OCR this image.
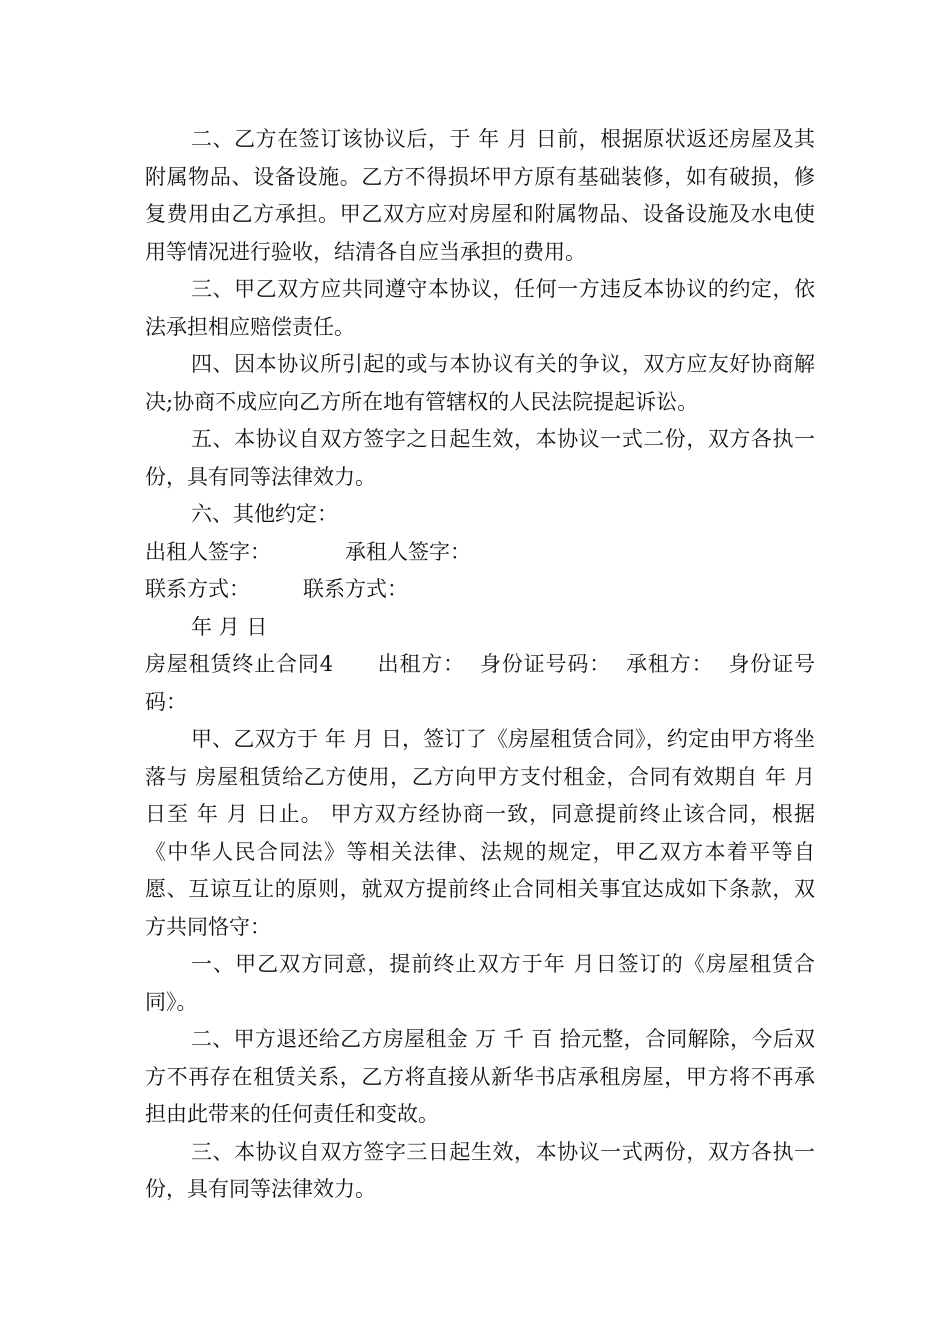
二、乙方在签订该协议后，于 年 月 日前，根据原状返还房屋及其附属物品、设备设施。乙方不得损坏甲方原有基础装修，如有破损，修复费用由乙方承担。甲乙双方应对房屋和附属物品、设备设施及水电使用等情况进行验收，结清各自应当承担的费用。

三、甲乙双方应共同遵守本协议，任何一方违反本协议的约定，依法承担相应赔偿责任。

四、因本协议所引起的或与本协议有关的争议，双方应友好协商解决;协商不成应向乙方所在地有管辖权的人民法院提起诉讼。

五、本协议自双方签字之日起生效，本协议一式二份，双方各执一份，具有同等法律效力。

六、其他约定：

出租人签字：	承租人签字：

联系方式：	联系方式：

年 月 日

房屋租赁终止合同4　　出租方：  身份证号码：  承租方：  身份证号码：

甲、乙双方于 年 月 日，签订了《房屋租赁合同》，约定由甲方将坐落与 房屋租赁给乙方使用，乙方向甲方支付租金，合同有效期自 年 月 日至 年 月 日止。 甲方双方经协商一致，同意提前终止该合同，根据《中华人民合同法》等相关法律、法规的规定，甲乙双方本着平等自愿、互谅互让的原则，就双方提前终止合同相关事宜达成如下条款，双方共同恪守：

一、甲乙双方同意，提前终止双方于年 月日签订的《房屋租赁合同》。

二、甲方退还给乙方房屋租金 万 千 百 拾元整，合同解除，今后双方不再存在租赁关系，乙方将直接从新华书店承租房屋，甲方将不再承担由此带来的任何责任和变故。

三、本协议自双方签字三日起生效，本协议一式两份，双方各执一份，具有同等法律效力。
